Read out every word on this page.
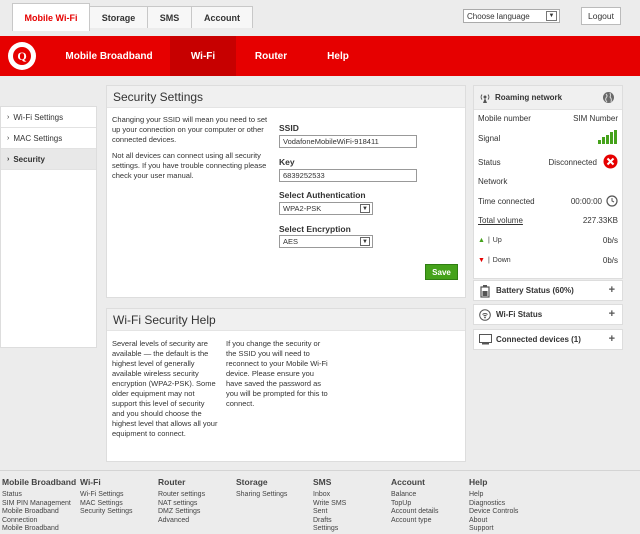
Mobile Wi-Fi	Storage	SMS	Account	Choose language	▼	Logout
Q	Mobile Broadband	Wi-Fi	Router	Help
› Wi-Fi Settings
› MAC Settings
› Security
Security Settings
Changing your SSID will mean you need to set up your connection on your computer or other connected devices.
Not all devices can connect using all security settings. If you have trouble connecting please check your user manual.
SSID
VodafoneMobileWiFi-918411
Key
6839252533
Select Authentication
WPA2-PSK	▼
Select Encryption
AES	▼
Save
Wi-Fi Security Help
Several levels of security are available — the default is the highest level of generally available wireless security encryption (WPA2-PSK). Some older equipment may not support this level of security and you should choose the highest level that allows all your equipment to connect.
If you change the security or the SSID you will need to reconnect to your Mobile Wi-Fi device. Please ensure you have saved the password as you will be prompted for this to connect.
Roaming network
Mobile number	SIM Number
Signal
Status	Disconnected
Network
Time connected	00:00:00
Total volume	227.33KB
▲ | Up	0b/s
▼ | Down	0b/s
Battery Status (60%)	+
Wi-Fi Status	+
Connected devices (1)	+
Mobile Broadband
Status
SIM PIN Management
Mobile Broadband
Connection
Mobile Broadband
Wi-Fi
Wi-Fi Settings
MAC Settings
Security Settings
Router
Router settings
NAT settings
DMZ Settings
Advanced
Storage
Sharing Settings
SMS
Inbox
Write SMS
Sent
Drafts
Settings
Account
Balance
TopUp
Account details
Account type
Help
Help
Diagnostics
Device Controls
About
Support
